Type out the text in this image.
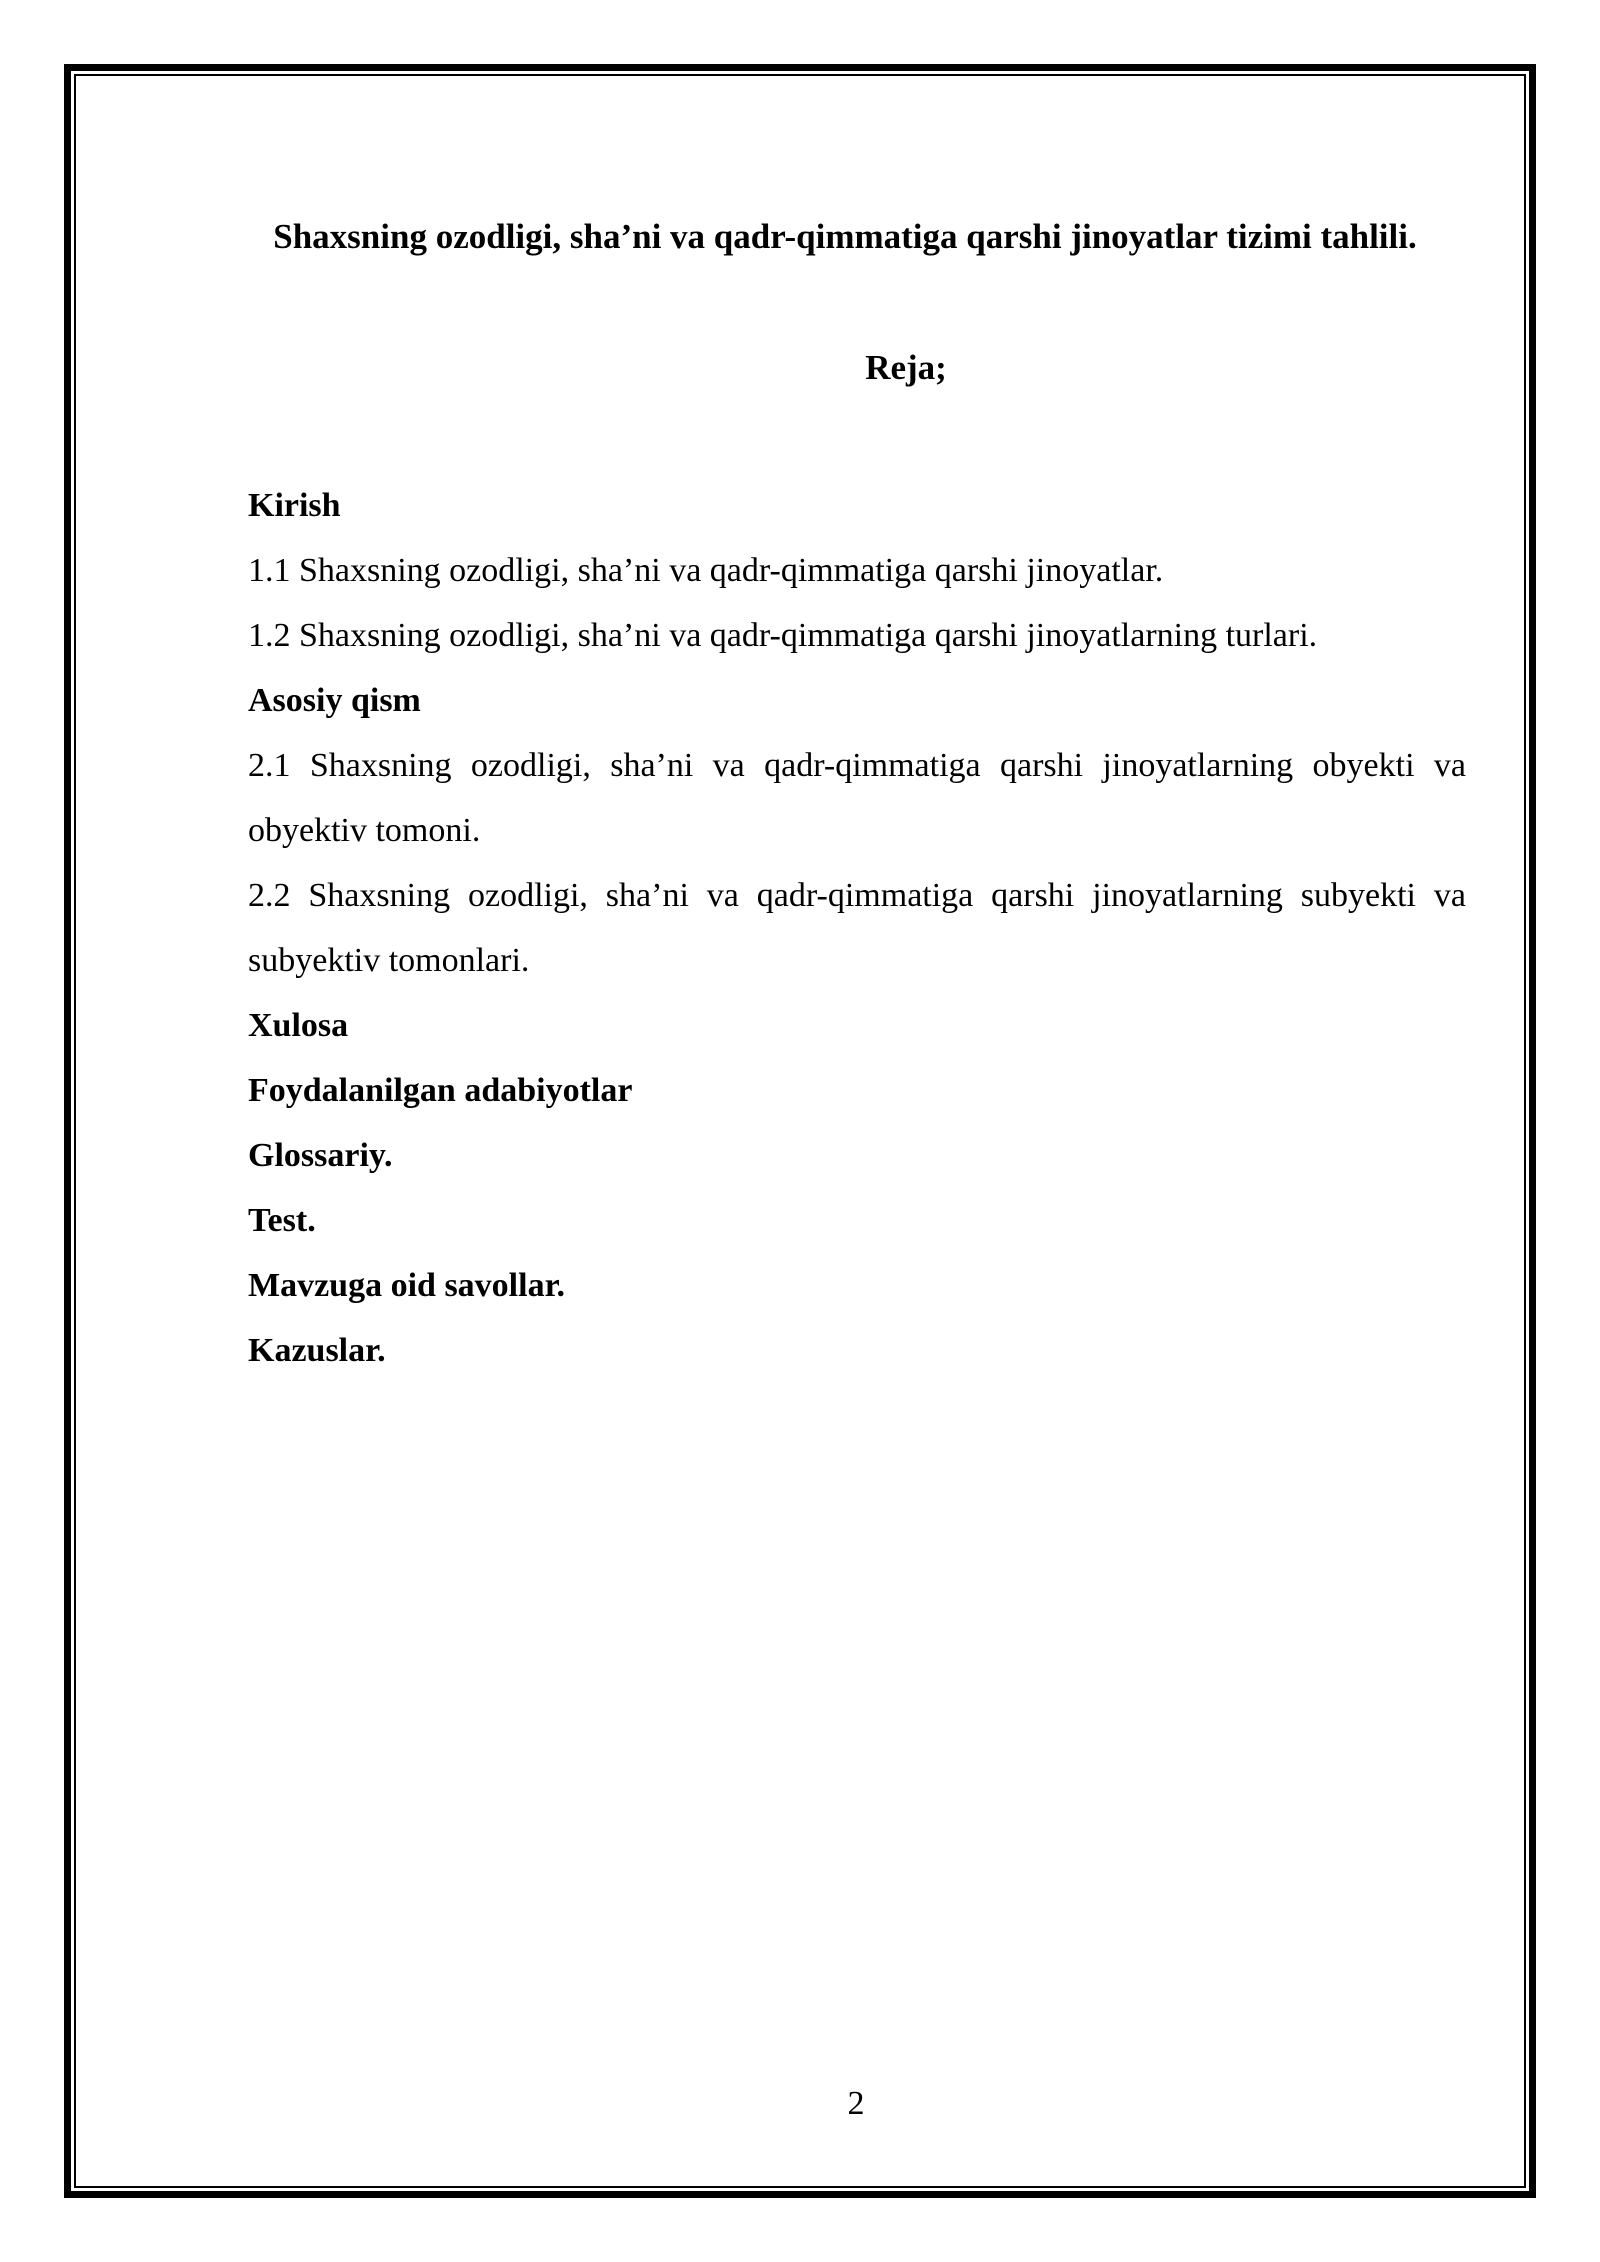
Shaxsning ozodligi, sha’ni va qadr-qimmatiga qarshi jinoyatlar tizimi tahlili.
Reja;
Kirish
1.1 Shaxsning ozodligi, sha’ni va qadr-qimmatiga qarshi jinoyatlar.
1.2 Shaxsning ozodligi, sha’ni va qadr-qimmatiga qarshi jinoyatlarning turlari.
Asosiy qism
2.1 Shaxsning ozodligi, sha’ni va qadr-qimmatiga qarshi jinoyatlarning obyekti va obyektiv tomoni.
2.2 Shaxsning ozodligi, sha’ni va qadr-qimmatiga qarshi jinoyatlarning subyekti va subyektiv tomonlari.
Xulosa
Foydalanilgan adabiyotlar
Glossariy.
Test.
Mavzuga oid savollar.
Kazuslar.
2
